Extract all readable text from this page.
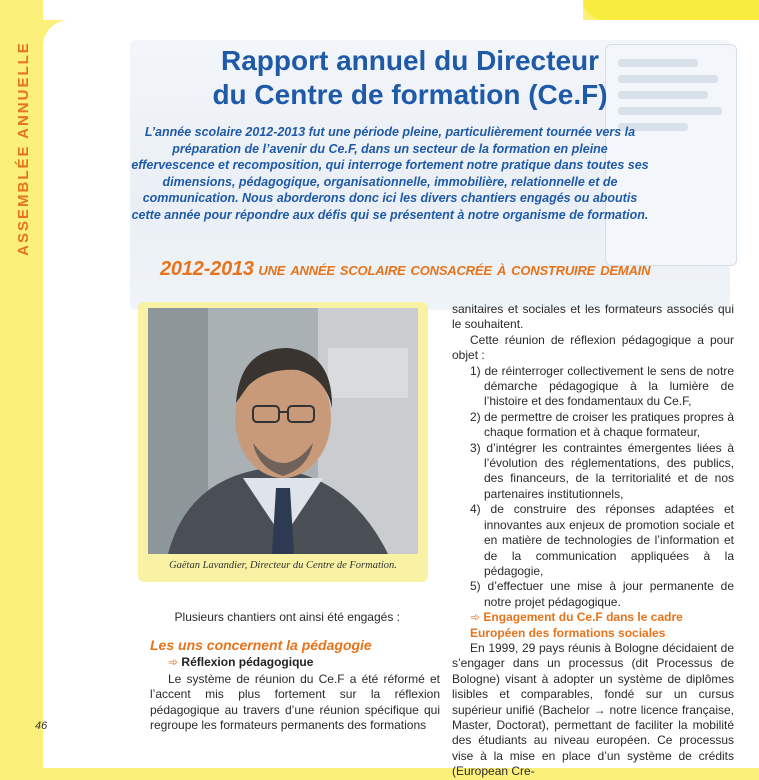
ASSEMBLÉE ANNUELLE	Rapport annuel du Directeur
du Centre de formation (Ce.F)
L’année scolaire 2012-2013 fut une période pleine, particulièrement tournée vers la préparation de l’avenir du Ce.F, dans un secteur de la formation en pleine effervescence et recomposition, qui interroge fortement notre pratique dans toutes ses dimensions, pédagogique, organisationnelle, immobilière, relationnelle et de communication. Nous aborderons donc ici les divers chantiers engagés ou aboutis cette année pour répondre aux défis qui se présentent à notre organisme de formation.
2012-2013 une année scolaire consacrée à construire demain
Gaëtan Lavandier, Directeur du Centre de Formation.

Plusieurs chantiers ont ainsi été engagés :

Les uns concernent la pédagogie

➾ Réflexion pédagogique

Le système de réunion du Ce.F a été réformé et l’accent mis plus fortement sur la réflexion pédagogique au travers d’une réunion spécifique qui regroupe les formateurs permanents des formations

sanitaires et sociales et les formateurs associés qui le souhaitent.

Cette réunion de réflexion pédagogique a pour objet :

1) de réinterroger collectivement le sens de notre démarche pédagogique à la lumière de l’histoire et des fondamentaux du Ce.F,
2) de permettre de croiser les pratiques propres à chaque formation et à chaque formateur,
3) d’intégrer les contraintes émergentes liées à l’évolution des réglementations, des publics, des financeurs, de la territorialité et de nos partenaires institutionnels,
4) de construire des réponses adaptées et innovantes aux enjeux de promotion sociale et en matière de technologies de l’information et de la communication appliquées à la pédagogie,
5) d’effectuer une mise à jour permanente de notre projet pédagogique.

➾ Engagement du Ce.F dans le cadre Européen des formations sociales

En 1999, 29 pays réunis à Bologne décidaient de s’engager dans un processus (dit Processus de Bologne) visant à adopter un système de diplômes lisibles et comparables, fondé sur un cursus supérieur unifié (Bachelor → notre licence française, Master, Doctorat), permettant de faciliter la mobilité des étudiants au niveau européen. Ce processus vise à la mise en place d’un système de crédits (European Cre-

46
